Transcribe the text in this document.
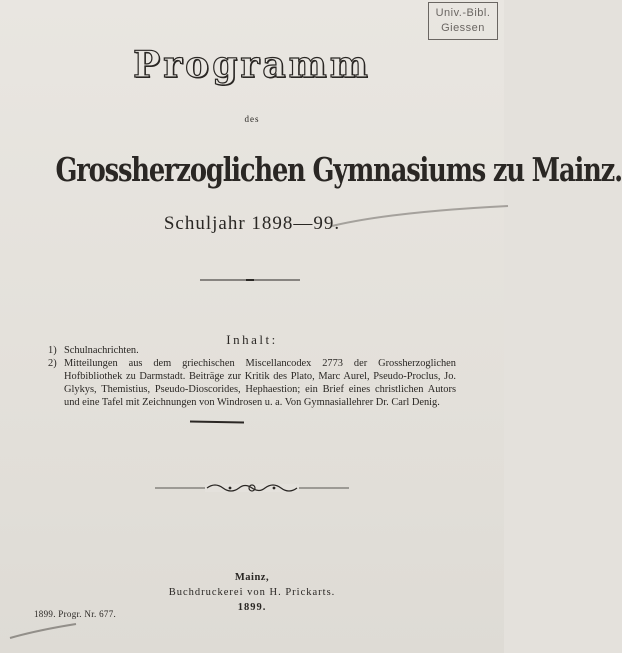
Univ.-Bibl.
Giessen
Programm
des
Grossherzoglichen Gymnasiums zu Mainz.
Schuljahr 1898—99.
Inhalt:
1) Schulnachrichten.
2) Mitteilungen aus dem griechischen Miscellancodex 2773 der Grossherzoglichen Hofbibliothek zu Darmstadt. Beiträge zur Kritik des Plato, Marc Aurel, Pseudo-Proclus, Jo. Glykys, Themistius, Pseudo-Dioscorides, Hephaestion; ein Brief eines christlichen Autors und eine Tafel mit Zeichnungen von Windrosen u. a. Von Gymnasiallehrer Dr. Carl Denig.
Mainz,
Buchdruckerei von H. Prickarts.
1899.
1899. Progr. Nr. 677.
